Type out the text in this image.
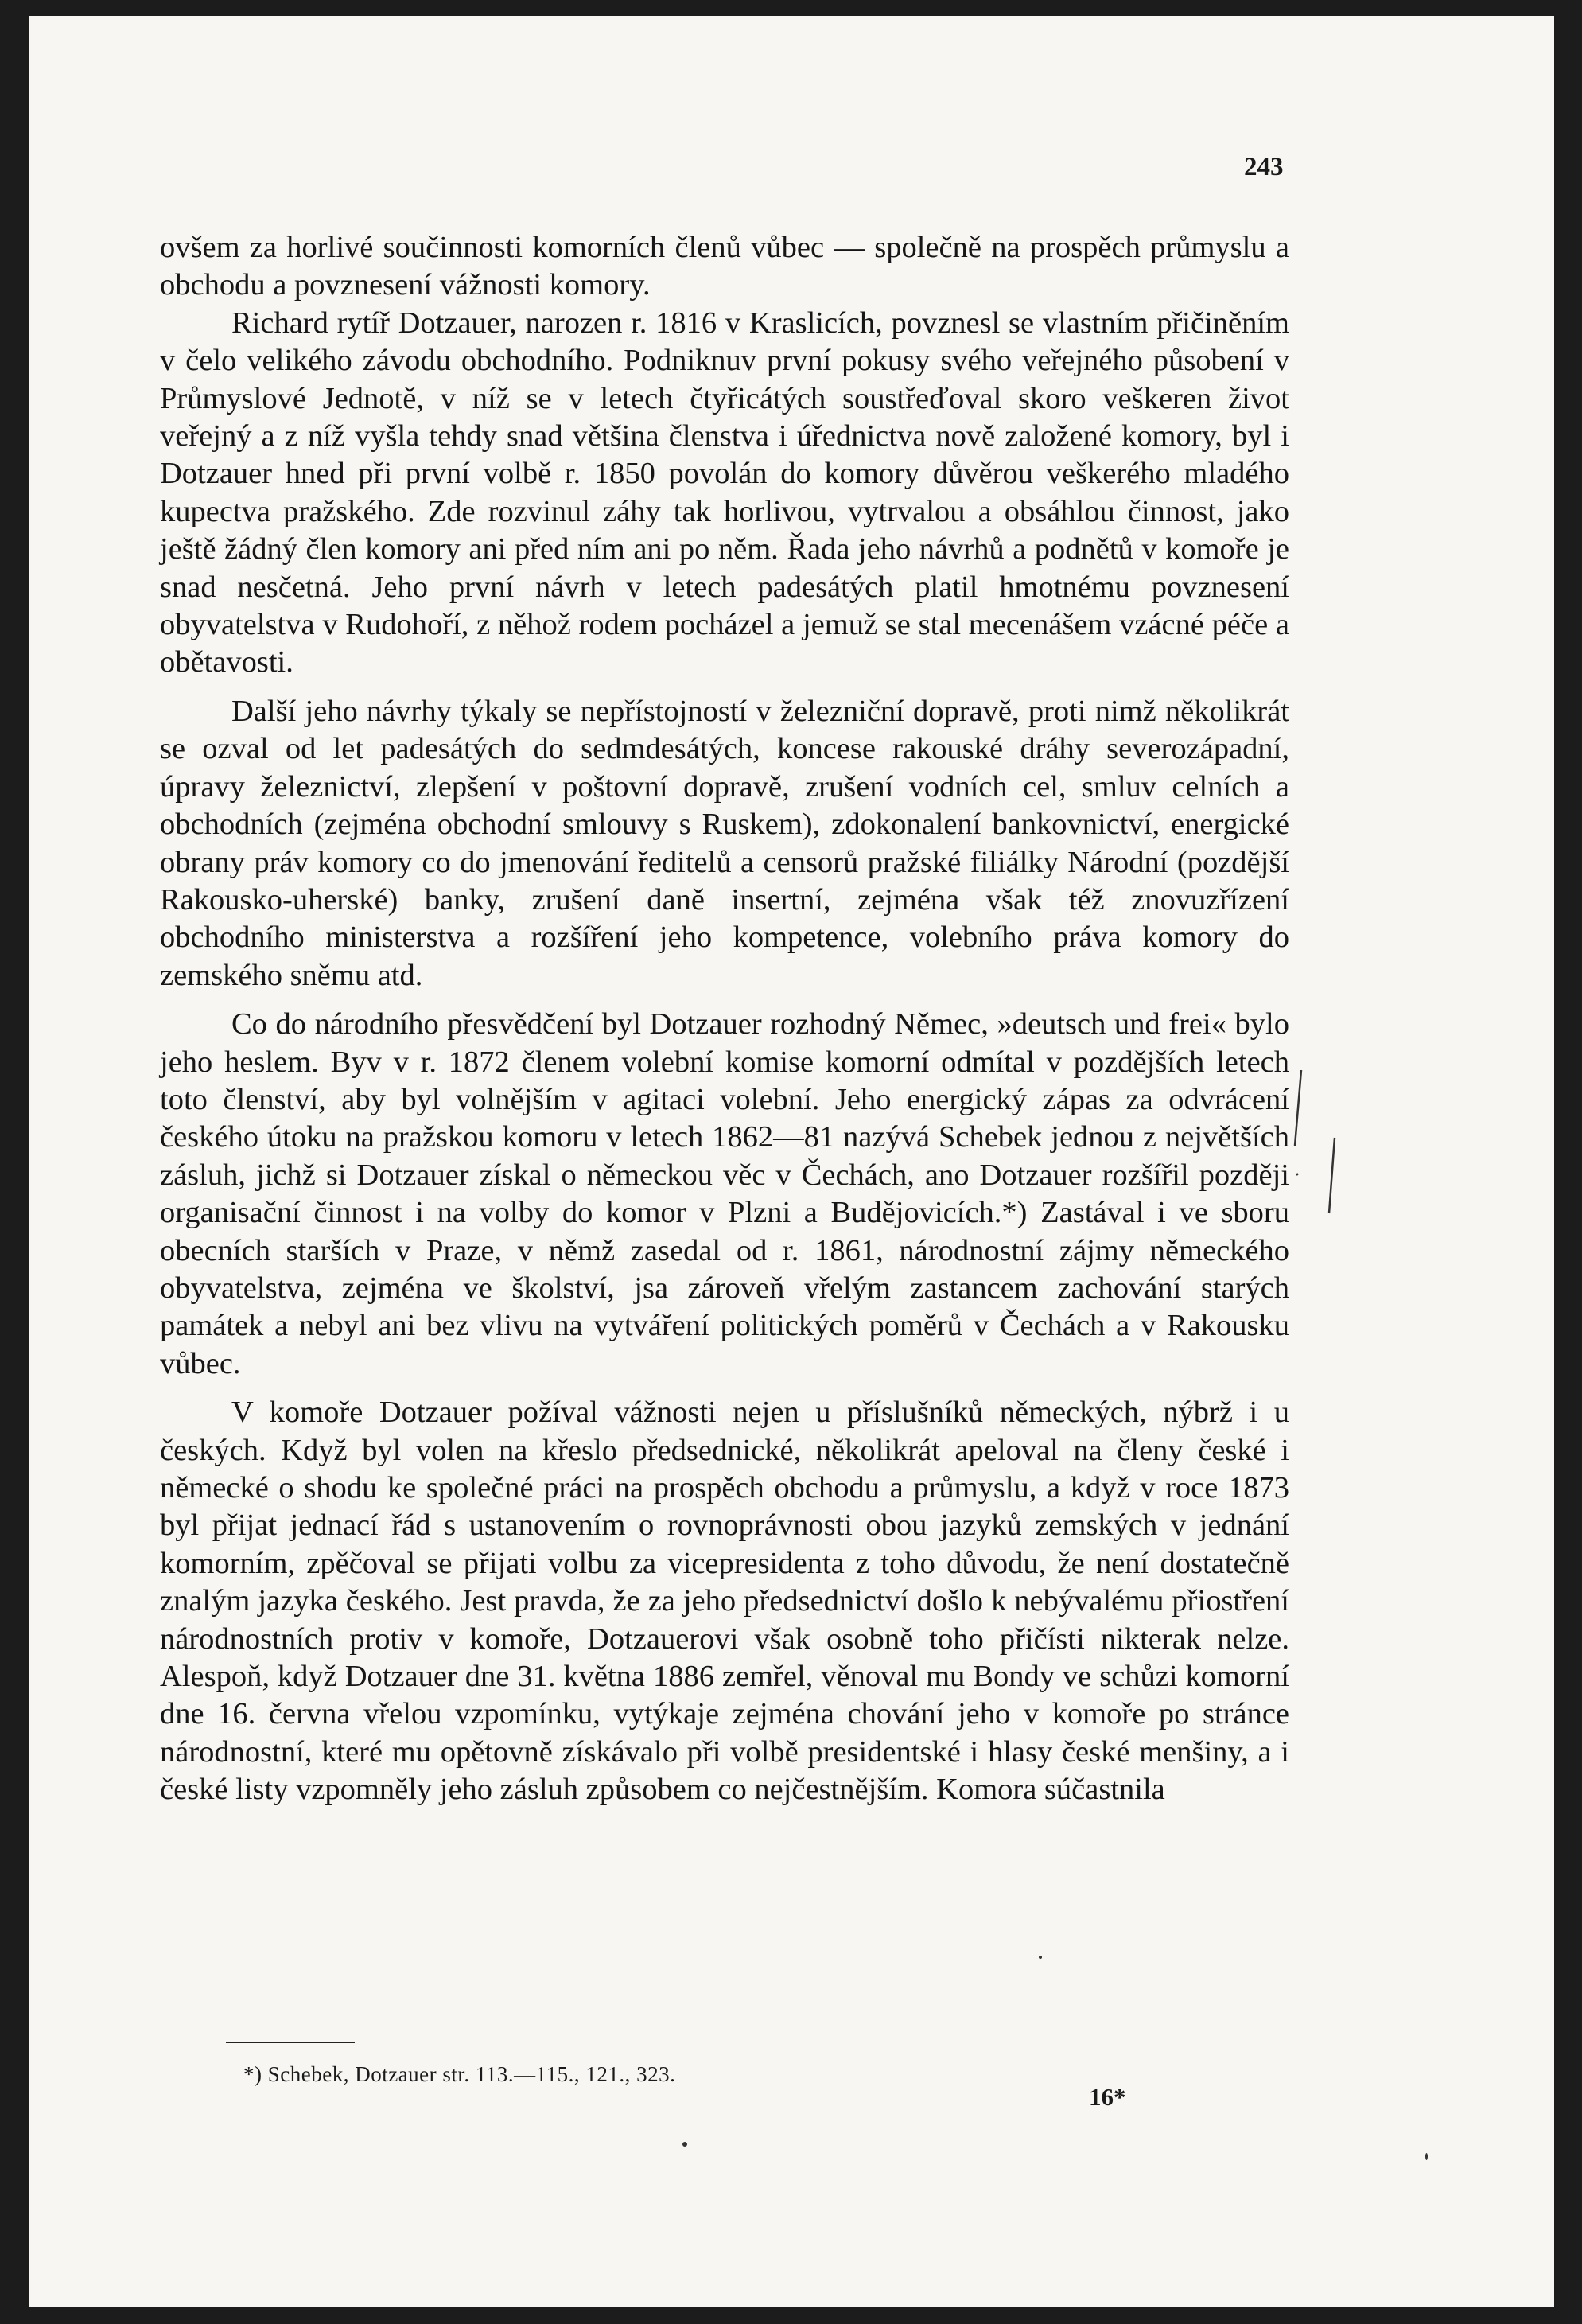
243

ovšem za horlivé součinnosti komorních členů vůbec — společně na prospěch průmyslu a obchodu a povznesení vážnosti komory.

Richard rytíř Dotzauer, narozen r. 1816 v Kraslicích, povznesl se vlastním přičiněním v čelo velikého závodu obchodního. Podniknuv první pokusy svého veřejného působení v Průmyslové Jednotě, v níž se v letech čtyřicátých soustřeďoval skoro veškeren život veřejný a z níž vyšla tehdy snad většina členstva i úřednictva nově založené komory, byl i Dotzauer hned při první volbě r. 1850 povolán do komory důvěrou veškerého mladého kupectva pražského. Zde rozvinul záhy tak horlivou, vytrvalou a obsáhlou činnost, jako ještě žádný člen komory ani před ním ani po něm. Řada jeho návrhů a podnětů v komoře je snad nesčetná. Jeho první návrh v letech padesátých platil hmotnému povznesení obyvatelstva v Rudohoří, z něhož rodem pocházel a jemuž se stal mecenášem vzácné péče a obětavosti.

Další jeho návrhy týkaly se nepřístojností v železniční dopravě, proti nimž několikrát se ozval od let padesátých do sedmdesátých, koncese rakouské dráhy severozápadní, úpravy železnictví, zlepšení v poštovní dopravě, zrušení vodních cel, smluv celních a obchodních (zejména obchodní smlouvy s Ruskem), zdokonalení bankovnictví, energické obrany práv komory co do jmenování ředitelů a censorů pražské filiálky Národní (pozdější Rakousko-uherské) banky, zrušení daně insertní, zejména však též znovuzřízení obchodního ministerstva a rozšíření jeho kompetence, volebního práva komory do zemského sněmu atd.

Co do národního přesvědčení byl Dotzauer rozhodný Němec, »deutsch und frei« bylo jeho heslem. Byv v r. 1872 členem volební komise komorní odmítal v pozdějších letech toto členství, aby byl volnějším v agitaci volební. Jeho energický zápas za odvrácení českého útoku na pražskou komoru v letech 1862—81 nazývá Schebek jednou z největších zásluh, jichž si Dotzauer získal o německou věc v Čechách, ano Dotzauer rozšířil později organisační činnost i na volby do komor v Plzni a Budějovicích.*) Zastával i ve sboru obecních starších v Praze, v němž zasedal od r. 1861, národnostní zájmy německého obyvatelstva, zejména ve školství, jsa zároveň vřelým zastancem zachování starých památek a nebyl ani bez vlivu na vytváření politických poměrů v Čechách a v Rakousku vůbec.

V komoře Dotzauer požíval vážnosti nejen u příslušníků německých, nýbrž i u českých. Když byl volen na křeslo předsednické, několikrát apeloval na členy české i německé o shodu ke společné práci na prospěch obchodu a průmyslu, a když v roce 1873 byl přijat jednací řád s ustanovením o rovnoprávnosti obou jazyků zemských v jednání komorním, zpěčoval se přijati volbu za vicepresidenta z toho důvodu, že není dostatečně znalým jazyka českého. Jest pravda, že za jeho předsednictví došlo k nebývalému přiostření národnostních protiv v komoře, Dotzauerovi však osobně toho přičísti nikterak nelze. Alespoň, když Dotzauer dne 31. května 1886 zemřel, věnoval mu Bondy ve schůzi komorní dne 16. června vřelou vzpomínku, vytýkaje zejména chování jeho v komoře po stránce národnostní, které mu opětovně získávalo při volbě presidentské i hlasy české menšiny, a i české listy vzpomněly jeho zásluh způsobem co nejčestnějším. Komora súčastnila

*) Schebek, Dotzauer str. 113.—115., 121., 323.
16*
